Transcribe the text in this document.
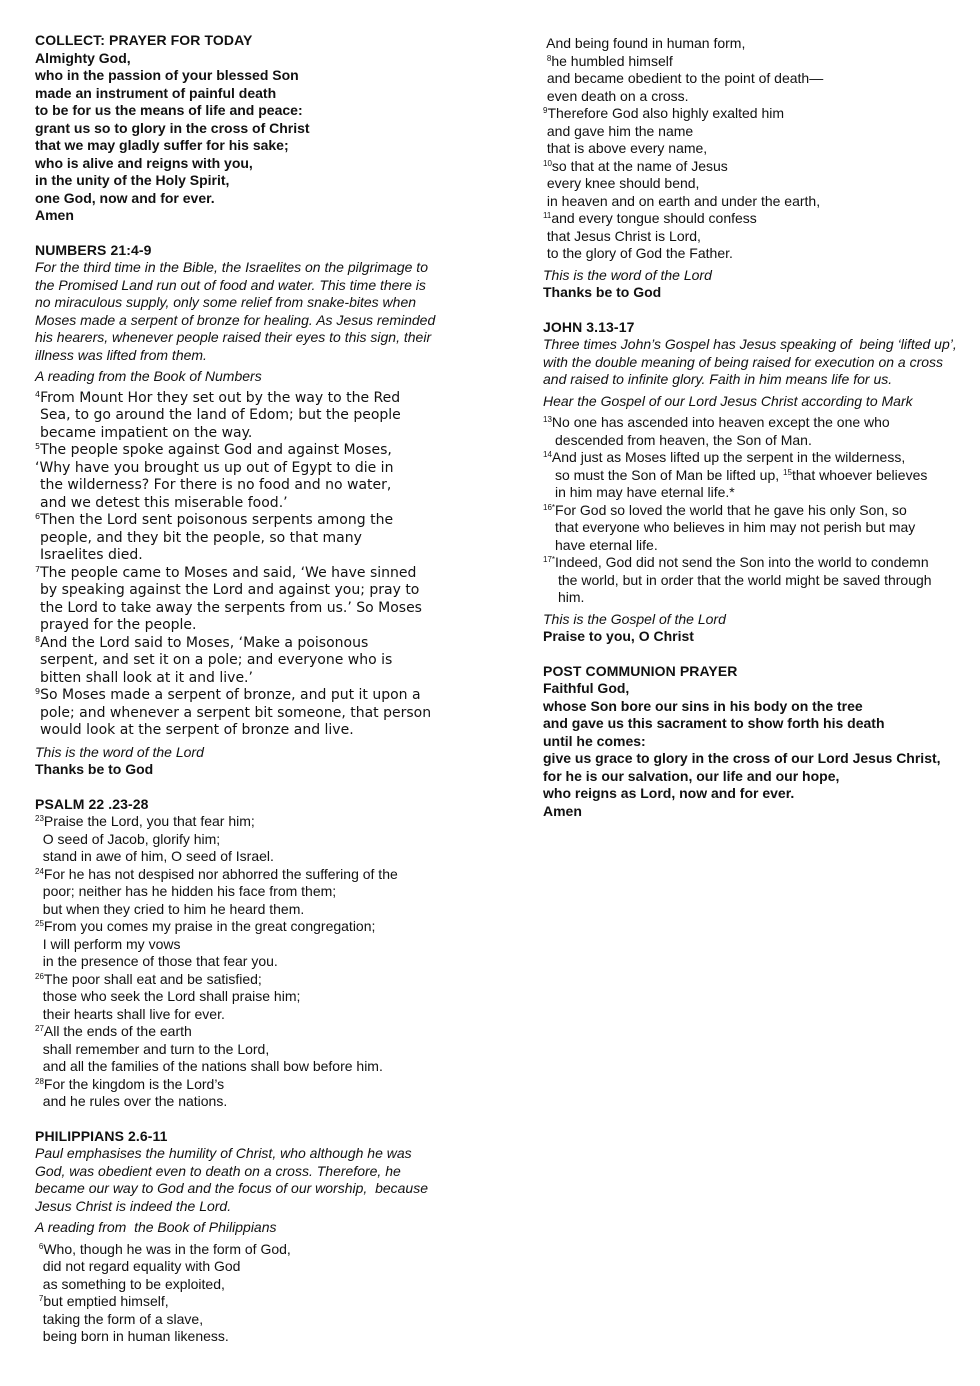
COLLECT: PRAYER FOR TODAY
Almighty God,
who in the passion of your blessed Son
made an instrument of painful death
to be for us the means of life and peace:
grant us so to glory in the cross of Christ
that we may gladly suffer for his sake;
who is alive and reigns with you,
in the unity of the Holy Spirit,
one God, now and for ever.
Amen
NUMBERS 21:4-9
For the third time in the Bible, the Israelites on the pilgrimage to
the Promised Land run out of food and water. This time there is
no miraculous supply, only some relief from snake-bites when
Moses made a serpent of bronze for healing. As Jesus reminded
his hearers, whenever people raised their eyes to this sign, their
illness was lifted from them.
A reading from the Book of Numbers
$^4$From Mount Hor they set out by the way to the Red
Sea, to go around the land of Edom; but the people
became impatient on the way.
$^5$The people spoke against God and against Moses,
‘Why have you brought us up out of Egypt to die in
the wilderness? For there is no food and no water,
and we detest this miserable food.’
$^6$Then the Lord sent poisonous serpents among the
people, and they bit the people, so that many
Israelites died.
$^7$The people came to Moses and said, ‘We have sinned
by speaking against the Lord and against you; pray to
the Lord to take away the serpents from us.’ So Moses
prayed for the people.
$^8$And the Lord said to Moses, ‘Make a poisonous
serpent, and set it on a pole; and everyone who is
bitten shall look at it and live.’
$^9$So Moses made a serpent of bronze, and put it upon a
pole; and whenever a serpent bit someone, that person
would look at the serpent of bronze and live.
This is the word of the Lord
Thanks be to God
PSALM 22 .23-28
$^{23}$Praise the Lord, you that fear him;
O seed of Jacob, glorify him;
stand in awe of him, O seed of Israel.
$^{24}$For he has not despised nor abhorred the suffering of the
poor; neither has he hidden his face from them;
but when they cried to him he heard them.
$^{25}$From you comes my praise in the great congregation;
I will perform my vows
in the presence of those that fear you.
$^{26}$The poor shall eat and be satisfied;
those who seek the Lord shall praise him;
their hearts shall live for ever.
$^{27}$All the ends of the earth
shall remember and turn to the Lord,
and all the families of the nations shall bow before him.
$^{28}$For the kingdom is the Lord’s
and he rules over the nations.
PHILIPPIANS 2.6-11
Paul emphasises the humility of Christ, who although he was
God, was obedient even to death on a cross. Therefore, he
became our way to God and the focus of our worship,  because
Jesus Christ is indeed the Lord.
A reading from  the Book of Philippians
$^6$Who, though he was in the form of God,
did not regard equality with God
as something to be exploited,
$^7$but emptied himself,
taking the form of a slave,
being born in human likeness.
And being found in human form,
$^8$he humbled himself
and became obedient to the point of death—
even death on a cross.
$^9$Therefore God also highly exalted him
and gave him the name
that is above every name,
$^{10}$so that at the name of Jesus
every knee should bend,
in heaven and on earth and under the earth,
$^{11}$and every tongue should confess
that Jesus Christ is Lord,
to the glory of God the Father.
This is the word of the Lord
Thanks be to God
JOHN 3.13-17
Three times John’s Gospel has Jesus speaking of  being ‘lifted up’,
with the double meaning of being raised for execution on a cross
and raised to infinite glory. Faith in him means life for us.
Hear the Gospel of our Lord Jesus Christ according to Mark
$^{13}$No one has ascended into heaven except the one who
descended from heaven, the Son of Man.
$^{14}$And just as Moses lifted up the serpent in the wilderness,
so must the Son of Man be lifted up, $^{15}$that whoever believes
in him may have eternal life.*
$^{16*}$For God so loved the world that he gave his only Son, so
that everyone who believes in him may not perish but may
have eternal life.
$^{17*}$Indeed, God did not send the Son into the world to condemn
the world, but in order that the world might be saved through
him.
This is the Gospel of the Lord
Praise to you, O Christ
POST COMMUNION PRAYER
Faithful God,
whose Son bore our sins in his body on the tree
and gave us this sacrament to show forth his death
until he comes:
give us grace to glory in the cross of our Lord Jesus Christ,
for he is our salvation, our life and our hope,
who reigns as Lord, now and for ever.
Amen
